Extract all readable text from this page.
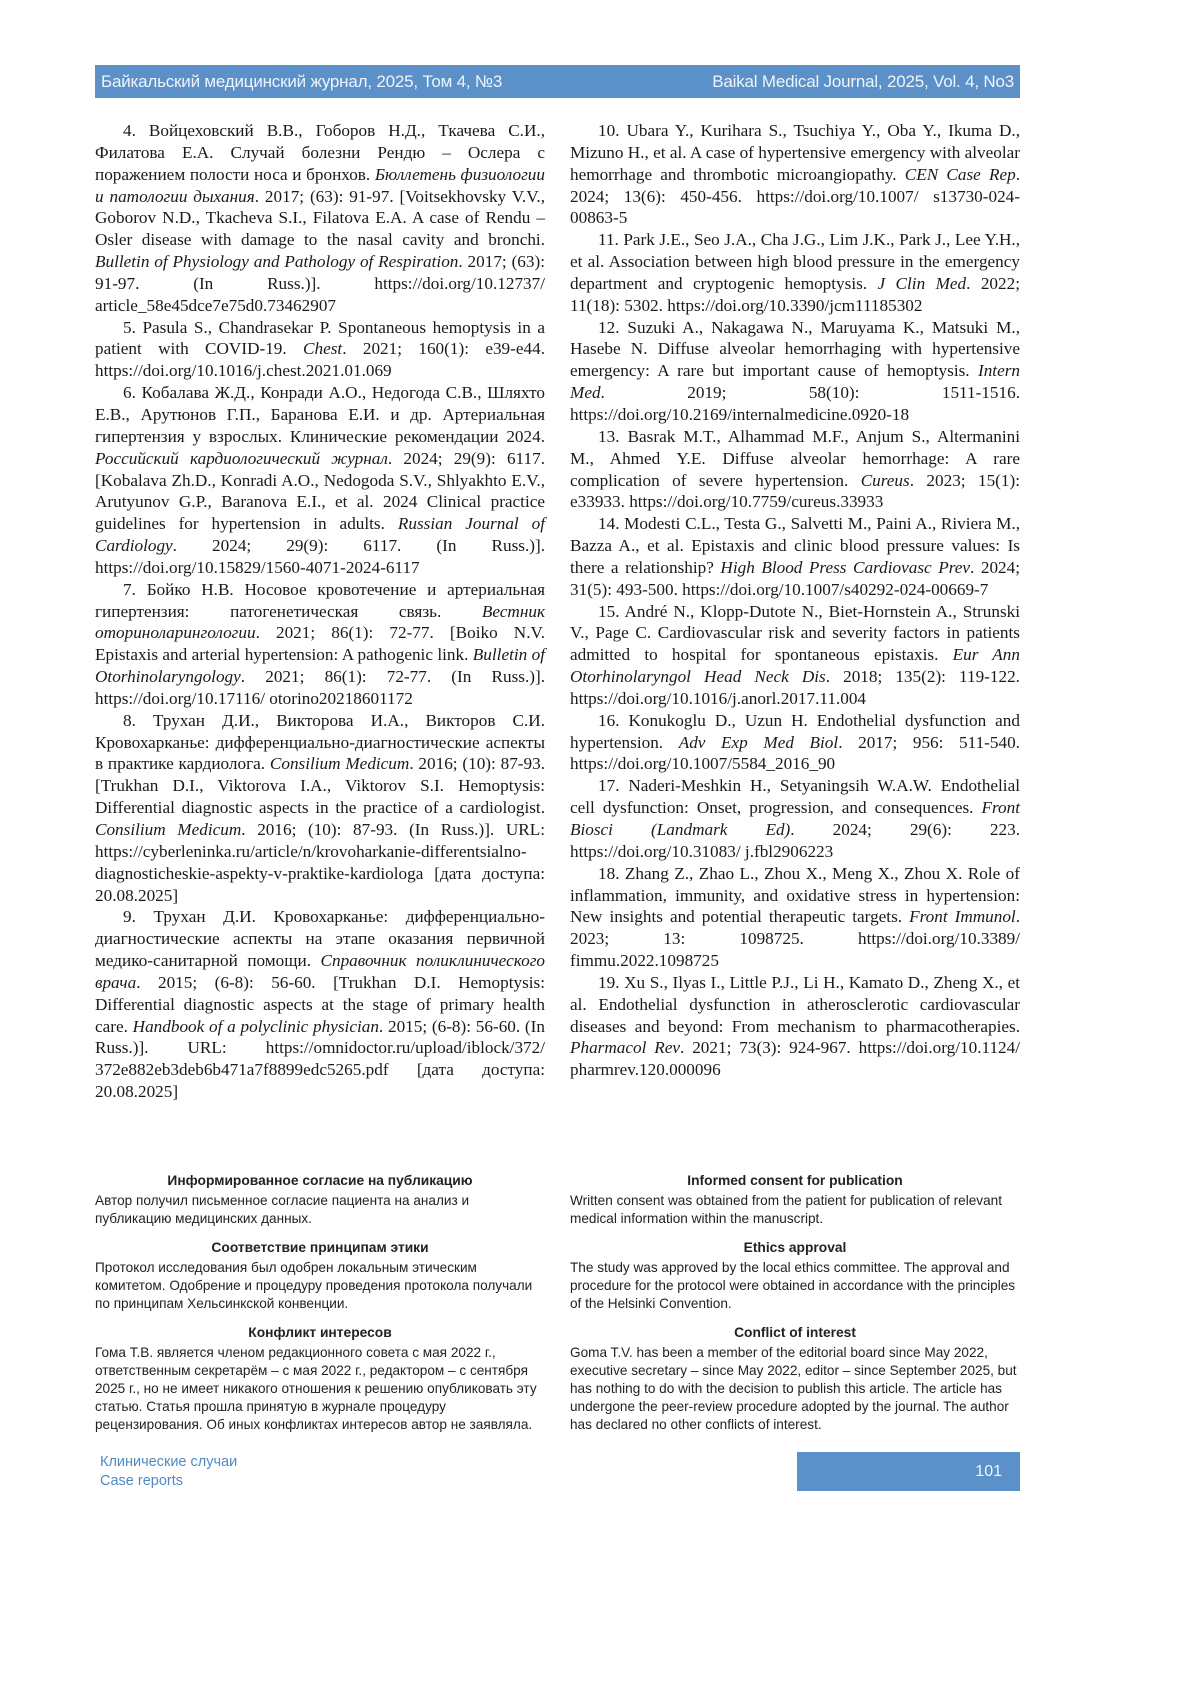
Байкальский медицинский журнал, 2025, Том 4, №3	Baikal Medical Journal, 2025, Vol. 4, No3

4. Войцеховский В.В., Гоборов Н.Д., Ткачева С.И., Филатова Е.А. Случай болезни Рендю – Ослера с поражением полости носа и бронхов. Бюллетень физиологии и патологии дыхания. 2017; (63): 91-97. [Voitsekhovsky V.V., Goborov N.D., Tkacheva S.I., Filatova E.A. A case of Rendu – Osler disease with damage to the nasal cavity and bronchi. Bulletin of Physiology and Pathology of Respiration. 2017; (63): 91-97. (In Russ.)]. https://doi.org/10.12737/ article_58e45dce7e75d0.73462907

5. Pasula S., Chandrasekar P. Spontaneous hemoptysis in a patient with COVID-19. Chest. 2021; 160(1): e39-e44. https://doi.org/10.1016/j.chest.2021.01.069

6. Кобалава Ж.Д., Конради А.О., Недогода С.В., Шляхто Е.В., Арутюнов Г.П., Баранова Е.И. и др. Артериальная гипертензия у взрослых. Клинические рекомендации 2024. Российский кардиологический журнал. 2024; 29(9): 6117. [Kobalava Zh.D., Konradi A.O., Nedogoda S.V., Shlyakhto E.V., Arutyunov G.P., Baranova E.I., et al. 2024 Clinical practice guidelines for hypertension in adults. Russian Journal of Cardiology. 2024; 29(9): 6117. (In Russ.)]. https://doi.org/10.15829/1560-4071-2024-6117

7. Бойко Н.В. Носовое кровотечение и артериальная гипертензия: патогенетическая связь. Вестник оториноларингологии. 2021; 86(1): 72-77. [Boiko N.V. Epistaxis and arterial hypertension: A pathogenic link. Bulletin of Otorhinolaryngology. 2021; 86(1): 72-77. (In Russ.)]. https://doi.org/10.17116/ otorino20218601172

8. Трухан Д.И., Викторова И.А., Викторов С.И. Кровохарканье: дифференциально-диагностические аспекты в практике кардиолога. Consilium Medicum. 2016; (10): 87-93. [Trukhan D.I., Viktorova I.A., Viktorov S.I. Hemoptysis: Differential diagnostic aspects in the practice of a cardiologist. Consilium Medicum. 2016; (10): 87-93. (In Russ.)]. URL: https://cyberleninka.ru/article/n/krovoharkanie-differentsialno-diagnosticheskie-aspekty-v-praktike-kardiologa [дата доступа: 20.08.2025]

9. Трухан Д.И. Кровохарканье: дифференциально-диагностические аспекты на этапе оказания первичной медико-санитарной помощи. Справочник поликлинического врача. 2015; (6-8): 56-60. [Trukhan D.I. Hemoptysis: Differential diagnostic aspects at the stage of primary health care. Handbook of a polyclinic physician. 2015; (6-8): 56-60. (In Russ.)]. URL: https://omnidoctor.ru/upload/iblock/372/ 372e882eb3deb6b471a7f8899edc5265.pdf [дата доступа: 20.08.2025]

10. Ubara Y., Kurihara S., Tsuchiya Y., Oba Y., Ikuma D., Mizuno H., et al. A case of hypertensive emergency with alveolar hemorrhage and thrombotic microangiopathy. CEN Case Rep. 2024; 13(6): 450-456. https://doi.org/10.1007/ s13730-024-00863-5

11. Park J.E., Seo J.A., Cha J.G., Lim J.K., Park J., Lee Y.H., et al. Association between high blood pressure in the emergency department and cryptogenic hemoptysis. J Clin Med. 2022; 11(18): 5302. https://doi.org/10.3390/jcm11185302

12. Suzuki A., Nakagawa N., Maruyama K., Matsuki M., Hasebe N. Diffuse alveolar hemorrhaging with hypertensive emergency: A rare but important cause of hemoptysis. Intern Med. 2019; 58(10): 1511-1516. https://doi.org/10.2169/internalmedicine.0920-18

13. Basrak M.T., Alhammad M.F., Anjum S., Altermanini M., Ahmed Y.E. Diffuse alveolar hemorrhage: A rare complication of severe hypertension. Cureus. 2023; 15(1): e33933. https://doi.org/10.7759/cureus.33933

14. Modesti C.L., Testa G., Salvetti M., Paini A., Riviera M., Bazza A., et al. Epistaxis and clinic blood pressure values: Is there a relationship? High Blood Press Cardiovasc Prev. 2024; 31(5): 493-500. https://doi.org/10.1007/s40292-024-00669-7

15. André N., Klopp-Dutote N., Biet-Hornstein A., Strunski V., Page C. Cardiovascular risk and severity factors in patients admitted to hospital for spontaneous epistaxis. Eur Ann Otorhinolaryngol Head Neck Dis. 2018; 135(2): 119-122. https://doi.org/10.1016/j.anorl.2017.11.004

16. Konukoglu D., Uzun H. Endothelial dysfunction and hypertension. Adv Exp Med Biol. 2017; 956: 511-540. https://doi.org/10.1007/5584_2016_90

17. Naderi-Meshkin H., Setyaningsih W.A.W. Endothelial cell dysfunction: Onset, progression, and consequences. Front Biosci (Landmark Ed). 2024; 29(6): 223. https://doi.org/10.31083/ j.fbl2906223

18. Zhang Z., Zhao L., Zhou X., Meng X., Zhou X. Role of inflammation, immunity, and oxidative stress in hypertension: New insights and potential therapeutic targets. Front Immunol. 2023; 13: 1098725. https://doi.org/10.3389/ fimmu.2022.1098725

19. Xu S., Ilyas I., Little P.J., Li H., Kamato D., Zheng X., et al. Endothelial dysfunction in atherosclerotic cardiovascular diseases and beyond: From mechanism to pharmacotherapies. Pharmacol Rev. 2021; 73(3): 924-967. https://doi.org/10.1124/ pharmrev.120.000096

Информированное согласие на публикацию

Автор получил письменное согласие пациента на анализ и публикацию медицинских данных.

Соответствие принципам этики

Протокол исследования был одобрен локальным этическим комитетом. Одобрение и процедуру проведения протокола получали по принципам Хельсинкской конвенции.

Конфликт интересов

Гома Т.В. является членом редакционного совета с мая 2022 г., ответственным секретарём – с мая 2022 г., редактором – с сентября 2025 г., но не имеет никакого отношения к решению опубликовать эту статью. Статья прошла принятую в журнале процедуру рецензирования. Об иных конфликтах интересов автор не заявляла.

Informed consent for publication

Written consent was obtained from the patient for publication of relevant medical information within the manuscript.

Ethics approval

The study was approved by the local ethics committee. The approval and procedure for the protocol were obtained in accordance with the principles of the Helsinki Convention.

Conflict of interest

Goma T.V. has been a member of the editorial board since May 2022, executive secretary – since May 2022, editor – since September 2025, but has nothing to do with the decision to publish this article. The article has undergone the peer-review procedure adopted by the journal. The author has declared no other conflicts of interest.

Клинические случаи
Case reports
101
